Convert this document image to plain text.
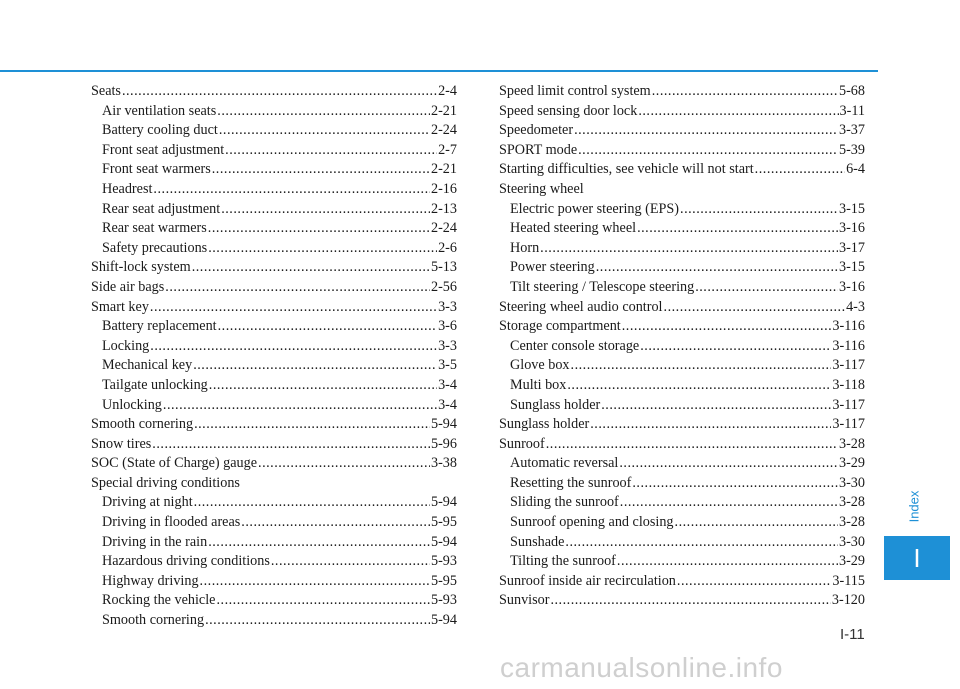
Seats .....	2-4
Air ventilation seats .....	2-21
Battery cooling duct .....	2-24
Front seat adjustment .....	2-7
Front seat warmers .....	2-21
Headrest .....	2-16
Rear seat adjustment .....	2-13
Rear seat warmers .....	2-24
Safety precautions .....	2-6
Shift-lock system .....	5-13
Side air bags .....	2-56
Smart key .....	3-3
Battery replacement .....	3-6
Locking .....	3-3
Mechanical key .....	3-5
Tailgate unlocking .....	3-4
Unlocking .....	3-4
Smooth cornering .....	5-94
Snow tires .....	5-96
SOC (State of Charge) gauge .....	3-38
Special driving conditions
Driving at night .....	5-94
Driving in flooded areas .....	5-95
Driving in the rain .....	5-94
Hazardous driving conditions .....	5-93
Highway driving .....	5-95
Rocking the vehicle .....	5-93
Smooth cornering .....	5-94
Speed limit control system .....	5-68
Speed sensing door lock .....	3-11
Speedometer .....	3-37
SPORT mode .....	5-39
Starting difficulties, see vehicle will not start .....	6-4
Steering wheel
Electric power steering (EPS) .....	3-15
Heated steering wheel .....	3-16
Horn .....	3-17
Power steering .....	3-15
Tilt steering / Telescope steering .....	3-16
Steering wheel audio control .....	4-3
Storage compartment .....	3-116
Center console storage .....	3-116
Glove box .....	3-117
Multi box .....	3-118
Sunglass holder .....	3-117
Sunglass holder .....	3-117
Sunroof .....	3-28
Automatic reversal .....	3-29
Resetting the sunroof .....	3-30
Sliding the sunroof .....	3-28
Sunroof opening and closing .....	3-28
Sunshade .....	3-30
Tilting the sunroof .....	3-29
Sunroof inside air recirculation .....	3-115
Sunvisor .....	3-120
Index
I
I-11
carmanualsonline.info
